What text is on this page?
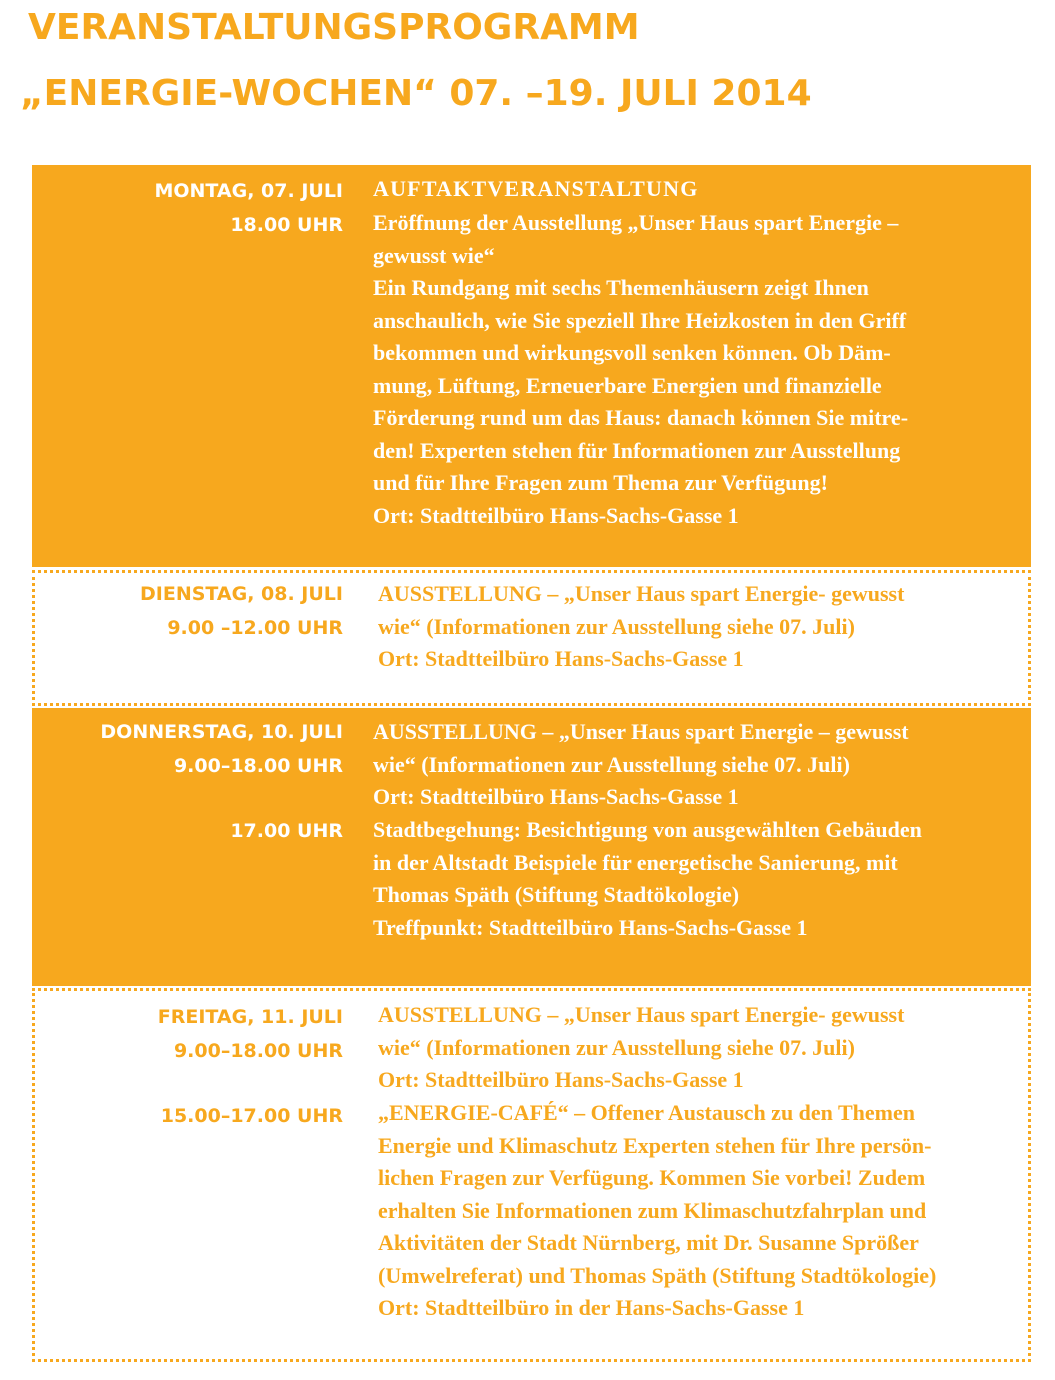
VERANSTALTUNGSPROGRAMM
„ENERGIE-WOCHEN“ 07. –19. JULI 2014
MONTAG, 07. JULI
18.00 UHR
AUFTAKTVERANSTALTUNG
Eröffnung der Ausstellung „Unser Haus spart Energie –
gewusst wie“
Ein Rundgang mit sechs Themenhäusern zeigt Ihnen
anschaulich, wie Sie speziell Ihre Heizkosten in den Griff
bekommen und wirkungsvoll senken können. Ob Däm-
mung, Lüftung, Erneuerbare Energien und finanzielle
Förderung rund um das Haus: danach können Sie mitre-
den! Experten stehen für Informationen zur Ausstellung
und für Ihre Fragen zum Thema zur Verfügung!
Ort: Stadtteilbüro Hans-Sachs-Gasse 1
DIENSTAG, 08. JULI
9.00 –12.00 UHR
AUSSTELLUNG – „Unser Haus spart Energie- gewusst
wie“ (Informationen zur Ausstellung siehe 07. Juli)
Ort: Stadtteilbüro Hans-Sachs-Gasse 1
DONNERSTAG, 10. JULI
9.00–18.00 UHR
AUSSTELLUNG – „Unser Haus spart Energie – gewusst
wie“ (Informationen zur Ausstellung siehe 07. Juli)
Ort: Stadtteilbüro Hans-Sachs-Gasse 1
17.00 UHR Stadtbegehung: Besichtigung von ausgewählten Gebäuden
in der Altstadt Beispiele für energetische Sanierung, mit
Thomas Späth (Stiftung Stadtökologie)
Treffpunkt: Stadtteilbüro Hans-Sachs-Gasse 1
FREITAG, 11. JULI
9.00–18.00 UHR
AUSSTELLUNG – „Unser Haus spart Energie- gewusst
wie“ (Informationen zur Ausstellung siehe 07. Juli)
Ort: Stadtteilbüro Hans-Sachs-Gasse 1
15.00–17.00 UHR „ENERGIE-CAFÉ“ – Offener Austausch zu den Themen
Energie und Klimaschutz Experten stehen für Ihre persön-
lichen Fragen zur Verfügung. Kommen Sie vorbei! Zudem
erhalten Sie Informationen zum Klimaschutzfahrplan und
Aktivitäten der Stadt Nürnberg, mit Dr. Susanne Sprößer
(Umwelreferat) und Thomas Späth (Stiftung Stadtökologie)
Ort: Stadtteilbüro in der Hans-Sachs-Gasse 1
